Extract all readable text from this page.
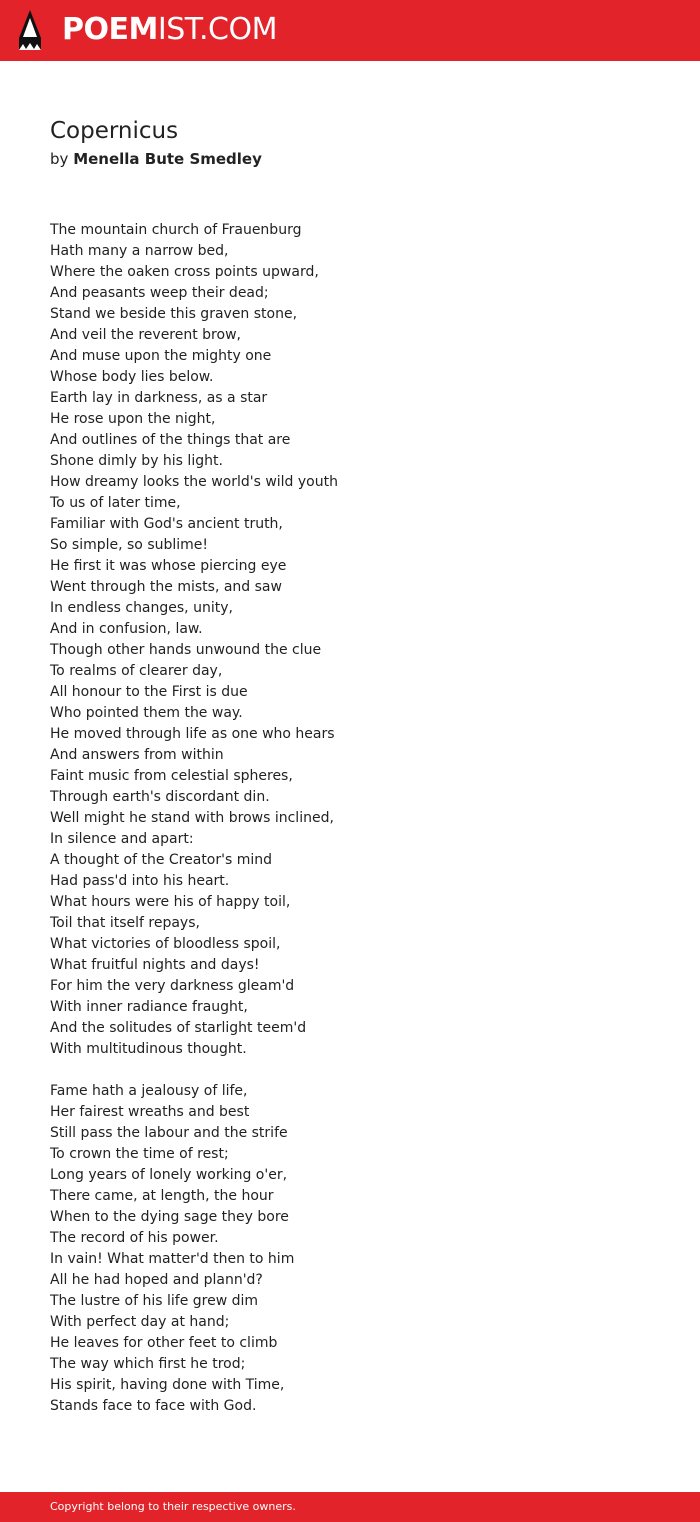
POEMIST.COM
Copernicus
by Menella Bute Smedley
The mountain church of Frauenburg
Hath many a narrow bed,
Where the oaken cross points upward,
And peasants weep their dead;
Stand we beside this graven stone,
And veil the reverent brow,
And muse upon the mighty one
Whose body lies below.
Earth lay in darkness, as a star
He rose upon the night,
And outlines of the things that are
Shone dimly by his light.
How dreamy looks the world's wild youth
To us of later time,
Familiar with God's ancient truth,
So simple, so sublime!
He first it was whose piercing eye
Went through the mists, and saw
In endless changes, unity,
And in confusion, law.
Though other hands unwound the clue
To realms of clearer day,
All honour to the First is due
Who pointed them the way.
He moved through life as one who hears
And answers from within
Faint music from celestial spheres,
Through earth's discordant din.
Well might he stand with brows inclined,
In silence and apart:
A thought of the Creator's mind
Had pass'd into his heart.
What hours were his of happy toil,
Toil that itself repays,
What victories of bloodless spoil,
What fruitful nights and days!
For him the very darkness gleam'd
With inner radiance fraught,
And the solitudes of starlight teem'd
With multitudinous thought.
Fame hath a jealousy of life,
Her fairest wreaths and best
Still pass the labour and the strife
To crown the time of rest;
Long years of lonely working o'er,
There came, at length, the hour
When to the dying sage they bore
The record of his power.
In vain! What matter'd then to him
All he had hoped and plann'd?
The lustre of his life grew dim
With perfect day at hand;
He leaves for other feet to climb
The way which first he trod;
His spirit, having done with Time,
Stands face to face with God.
Copyright belong to their respective owners.
